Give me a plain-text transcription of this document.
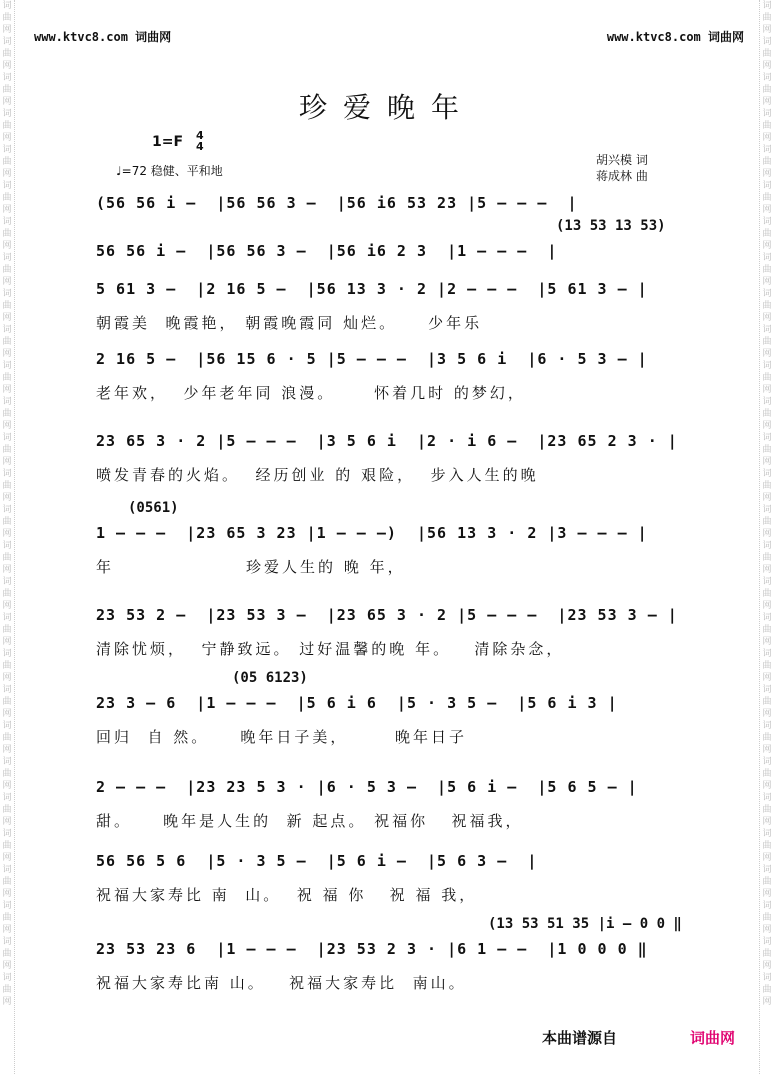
词曲网词曲网词曲网词曲网词曲网词曲网词曲网词曲网词曲网词曲网词曲网词曲网词曲网词曲网词曲网词曲网词曲网词曲网词曲网词曲网词曲网词曲网词曲网词曲网词曲网词曲网词曲网词曲网
词曲网词曲网词曲网词曲网词曲网词曲网词曲网词曲网词曲网词曲网词曲网词曲网词曲网词曲网词曲网词曲网词曲网词曲网词曲网词曲网词曲网词曲网词曲网词曲网词曲网词曲网词曲网词曲网
www.ktvc8.com 词曲网	www.ktvc8.com 词曲网
珍爱晚年
1=F 4
4
♩=72 稳健、平和地
胡兴模 词
蒋成林 曲
(56 56 i –  |56 56 3 –  |56 i6 53 23 |5 – – –  |
(13 53 13 53)
56 56 i –  |56 56 3 –  |56 i6 2 3  |1 – – –  |
5 61 3 –  |2 16 5 –  |56 13 3 · 2 |2 – – –  |5 61 3 – |
朝霞美  晚霞艳， 朝霞晚霞同 灿烂。    少年乐
2 16 5 –  |56 15 6 · 5 |5 – – –  |3 5 6 i  |6 · 5 3 – |
老年欢，  少年老年同 浪漫。     怀着几时 的梦幻，
23 65 3 · 2 |5 – – –  |3 5 6 i  |2 · i 6 –  |23 65 2 3 · |
喷发青春的火焰。  经历创业 的 艰险，  步入人生的晚
(0561)
1 – – –  |23 65 3 23 |1 – – –)  |56 13 3 · 2 |3 – – – |
年                 珍爱人生的 晚 年，
23 53 2 –  |23 53 3 –  |23 65 3 · 2 |5 – – –  |23 53 3 – |
清除忧烦，  宁静致远。 过好温馨的晚 年。   清除杂念，
(05 6123)
23 3 – 6  |1 – – –  |5 6 i 6  |5 · 3 5 –  |5 6 i 3 |
回归  自 然。    晚年日子美，      晚年日子
2 – – –  |23 23 5 3 · |6 · 5 3 –  |5 6 i –  |5 6 5 – |
甜。    晚年是人生的  新 起点。 祝福你   祝福我，
56 56 5 6  |5 · 3 5 –  |5 6 i –  |5 6 3 –  |
祝福大家寿比 南  山。  祝 福 你   祝 福 我，
(13 53 51 35 |i – 0 0 ‖
23 53 23 6  |1 – – –  |23 53 2 3 · |6 1 – –  |1 0 0 0 ‖
祝福大家寿比南 山。   祝福大家寿比  南山。
本曲谱源自	词曲网
